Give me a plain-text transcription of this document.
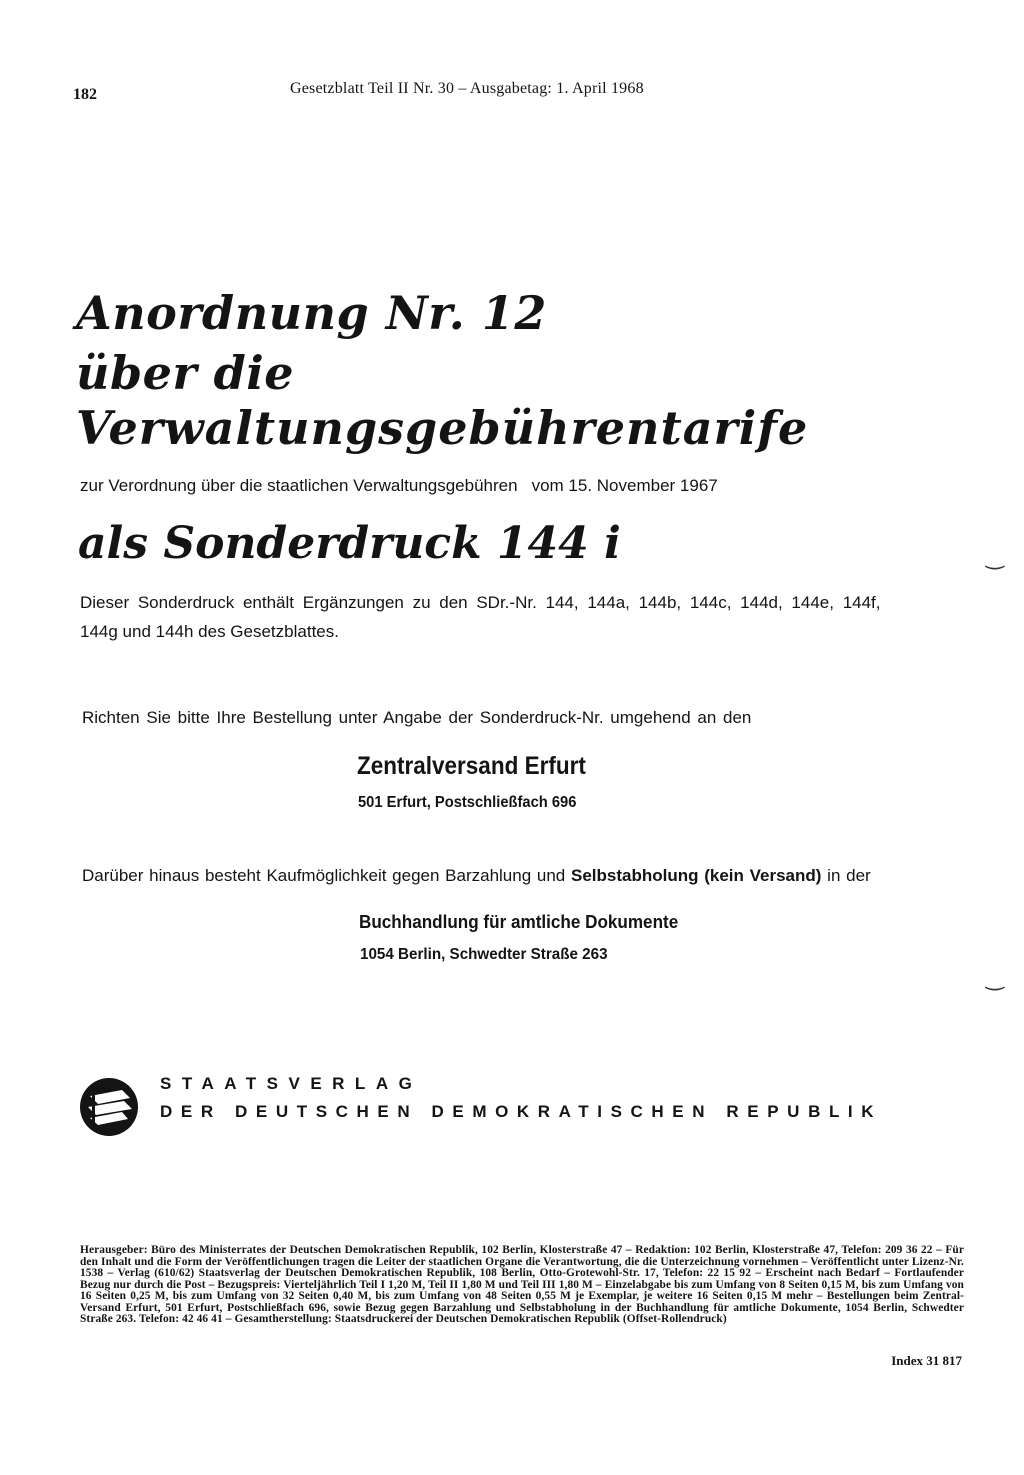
182	Gesetzblatt Teil II Nr. 30 – Ausgabetag: 1. April 1968
Anordnung Nr. 12
über die
Verwaltungsgebührentarife
zur Verordnung über die staatlichen Verwaltungsgebühren vom 15. November 1967
als Sonderdruck 144 i
Dieser Sonderdruck enthält Ergänzungen zu den SDr.-Nr. 144, 144a, 144b, 144c, 144d, 144e, 144f,
144g und 144h des Gesetzblattes.
Richten Sie bitte Ihre Bestellung unter Angabe der Sonderdruck-Nr. umgehend an den
Zentralversand Erfurt
501 Erfurt, Postschließfach 696
Darüber hinaus besteht Kaufmöglichkeit gegen Barzahlung und Selbstabholung (kein Versand) in der
Buchhandlung für amtliche Dokumente
1054 Berlin, Schwedter Straße 263
STAATSVERLAG
DER DEUTSCHEN DEMOKRATISCHEN REPUBLIK
Herausgeber: Büro des Ministerrates der Deutschen Demokratischen Republik, 102 Berlin, Klosterstraße 47 – Redaktion: 102 Berlin, Klosterstraße 47, Telefon: 209 36 22 – Für den Inhalt und die Form der Veröffentlichungen tragen die Leiter der staatlichen Organe die Verantwortung, die die Unterzeichnung vornehmen – Veröffentlicht unter Lizenz-Nr. 1538 – Verlag (610/62) Staatsverlag der Deutschen Demokratischen Republik, 108 Berlin, Otto-Grotewohl-Str. 17, Telefon: 22 15 92 – Erscheint nach Bedarf – Fortlaufender Bezug nur durch die Post – Bezugspreis: Vierteljährlich Teil I 1,20 M, Teil II 1,80 M und Teil III 1,80 M – Einzelabgabe bis zum Umfang von 8 Seiten 0,15 M, bis zum Umfang von 16 Seiten 0,25 M, bis zum Umfang von 32 Seiten 0,40 M, bis zum Umfang von 48 Seiten 0,55 M je Exemplar, je weitere 16 Seiten 0,15 M mehr – Bestellungen beim Zentral-Versand Erfurt, 501 Erfurt, Postschließfach 696, sowie Bezug gegen Barzahlung und Selbstabholung in der Buchhandlung für amtliche Dokumente, 1054 Berlin, Schwedter Straße 263. Telefon: 42 46 41 – Gesamtherstellung: Staatsdruckerei der Deutschen Demokratischen Republik (Offset-Rollendruck)
Index 31 817
‿
‿
